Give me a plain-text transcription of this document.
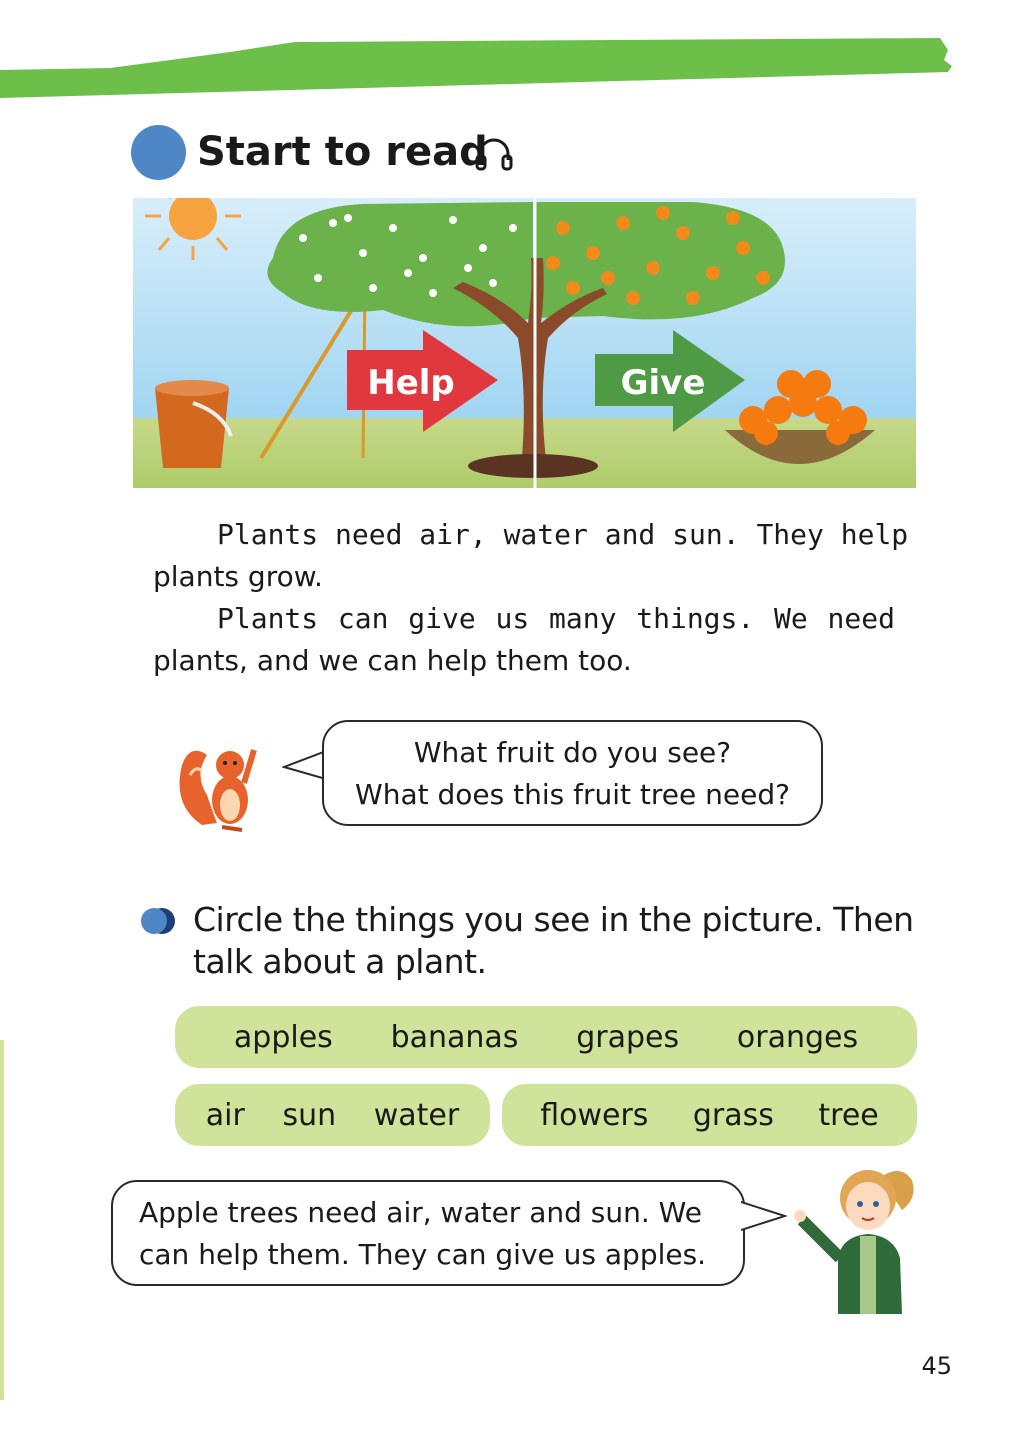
Start to read
Help	Give
Plants need air, water and sun. They help
plants grow.
Plants can give us many things. We need
plants, and we can help them too.
What fruit do you see?
What does this fruit tree need?
Circle the things you see in the picture. Then talk about a plant.
apples bananas grapes oranges
air sun water	flowers grass tree
Apple trees need air, water and sun. We
can help them. They can give us apples.
45
